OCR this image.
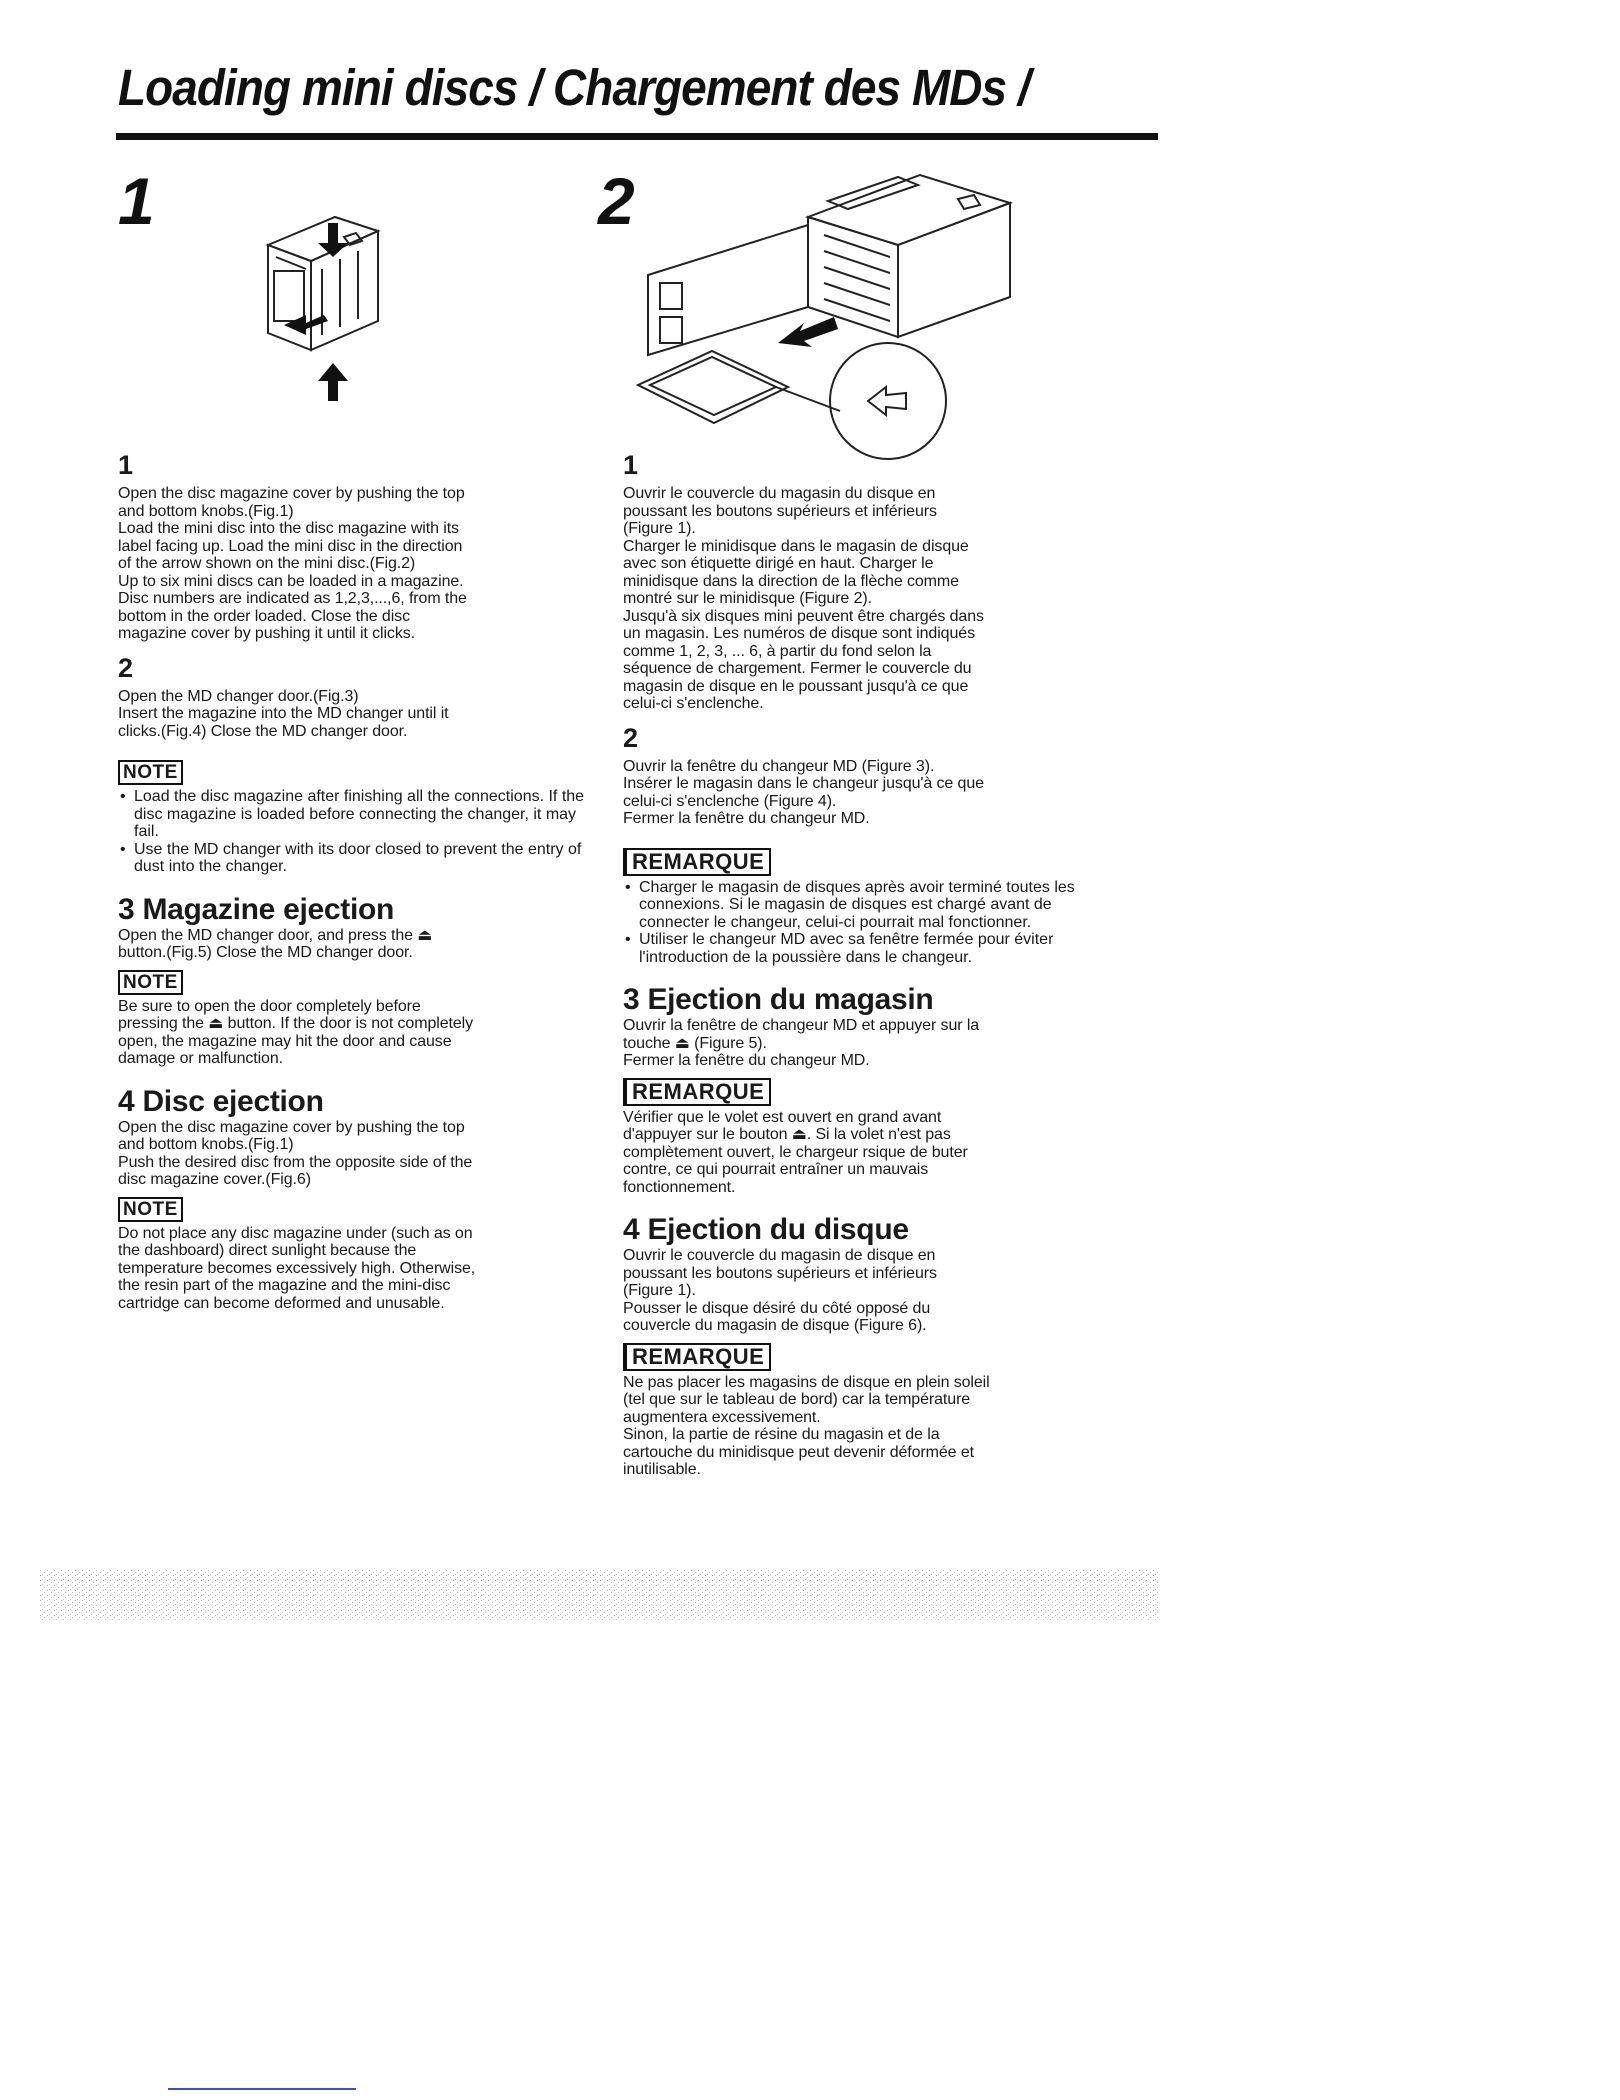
Loading mini discs / Chargement des MDs /
1	2
1

Open the disc magazine cover by pushing the top

and bottom knobs.(Fig.1)

Load the mini disc into the disc magazine with its

label facing up. Load the mini disc in the direction

of the arrow shown on the mini disc.(Fig.2)

Up to six mini discs can be loaded in a magazine.

Disc numbers are indicated as 1,2,3,...,6, from the

bottom in the order loaded. Close the disc

magazine cover by pushing it until it clicks.

2

Open the MD changer door.(Fig.3)

Insert the magazine into the MD changer until it

clicks.(Fig.4) Close the MD changer door.

NOTE
• Load the disc magazine after finishing all the connections. If the disc magazine is loaded before connecting the changer, it may fail.
• Use the MD changer with its door closed to prevent the entry of dust into the changer.
3 Magazine ejection

Open the MD changer door, and press the ⏏

button.(Fig.5) Close the MD changer door.

NOTE

Be sure to open the door completely before

pressing the ⏏ button. If the door is not completely

open, the magazine may hit the door and cause

damage or malfunction.

4 Disc ejection

Open the disc magazine cover by pushing the top

and bottom knobs.(Fig.1)

Push the desired disc from the opposite side of the

disc magazine cover.(Fig.6)

NOTE

Do not place any disc magazine under (such as on

the dashboard) direct sunlight because the

temperature becomes excessively high. Otherwise,

the resin part of the magazine and the mini-disc

cartridge can become deformed and unusable.

1

Ouvrir le couvercle du magasin du disque en

poussant les boutons supérieurs et inférieurs

(Figure 1).

Charger le minidisque dans le magasin de disque

avec son étiquette dirigé en haut. Charger le

minidisque dans la direction de la flèche comme

montré sur le minidisque (Figure 2).

Jusqu'à six disques mini peuvent être chargés dans

un magasin. Les numéros de disque sont indiqués

comme 1, 2, 3, ... 6, à partir du fond selon la

séquence de chargement. Fermer le couvercle du

magasin de disque en le poussant jusqu'à ce que

celui-ci s'enclenche.

2

Ouvrir la fenêtre du changeur MD (Figure 3).

Insérer le magasin dans le changeur jusqu'à ce que

celui-ci s'enclenche (Figure 4).

Fermer la fenêtre du changeur MD.

REMARQUE
• Charger le magasin de disques après avoir terminé toutes les connexions. Si le magasin de disques est chargé avant de connecter le changeur, celui-ci pourrait mal fonctionner.
• Utiliser le changeur MD avec sa fenêtre fermée pour éviter l'introduction de la poussière dans le changeur.
3 Ejection du magasin

Ouvrir la fenêtre de changeur MD et appuyer sur la

touche ⏏ (Figure 5).

Fermer la fenêtre du changeur MD.

REMARQUE

Vérifier que le volet est ouvert en grand avant

d'appuyer sur le bouton ⏏. Si la volet n'est pas

complètement ouvert, le chargeur rsique de buter

contre, ce qui pourrait entraîner un mauvais

fonctionnement.

4 Ejection du disque

Ouvrir le couvercle du magasin de disque en

poussant les boutons supérieurs et inférieurs

(Figure 1).

Pousser le disque désiré du côté opposé du

couvercle du magasin de disque (Figure 6).

REMARQUE

Ne pas placer les magasins de disque en plein soleil

(tel que sur le tableau de bord) car la température

augmentera excessivement.

Sinon, la partie de résine du magasin et de la

cartouche du minidisque peut devenir déformée et

inutilisable.
